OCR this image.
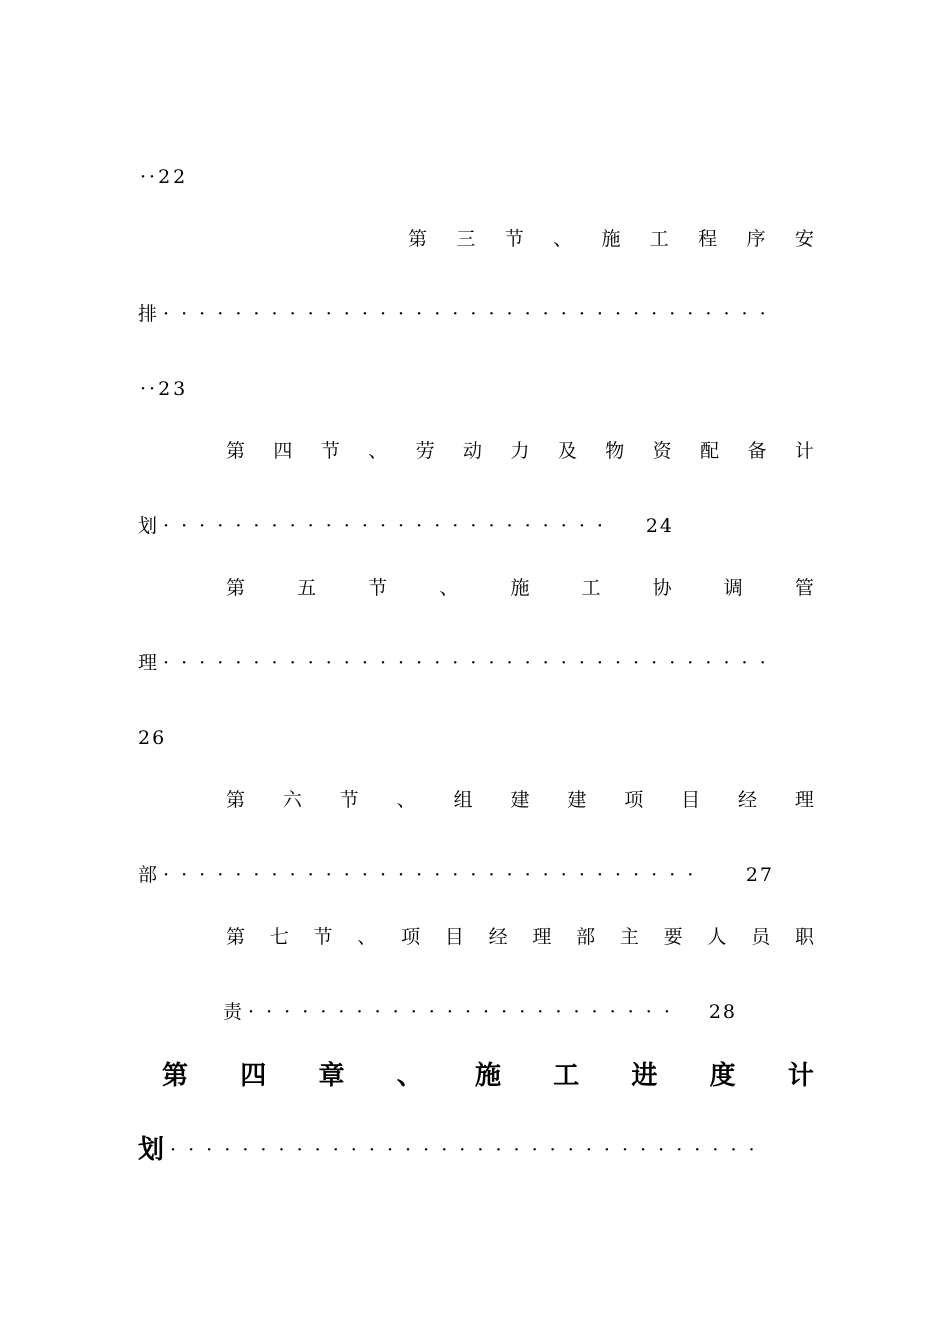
··22
第 三 节 、 施 工 程 序 安
排 · · · · · · · · · · · · · · · · · · · · · · · · · · · · · · · · · ·
··23
第 四 节 、 劳 动 力 及 物 资 配 备 计
划 · · · · · · · · · · · · · · · · · · · · · · · · ·	24
第	五	节	、	施	工	协	调	管
理 · · · · · · · · · · · · · · · · · · · · · · · · · · · · · · · · · ·
26
第 六 节 、 组 建 建 项 目 经 理
部 · · · · · · · · · · · · · · · · · · · · · · · · · · · · · ·	27
第 七 节 、 项 目 经 理 部 主 要 人 员 职
责 · · · · · · · · · · · · · · · · · · · · · · · ·	28
第 四 章 、 施 工 进 度 计
划 · · · · · · · · · · · · · · · · · · · · · · · · · · · · · · · · ·
